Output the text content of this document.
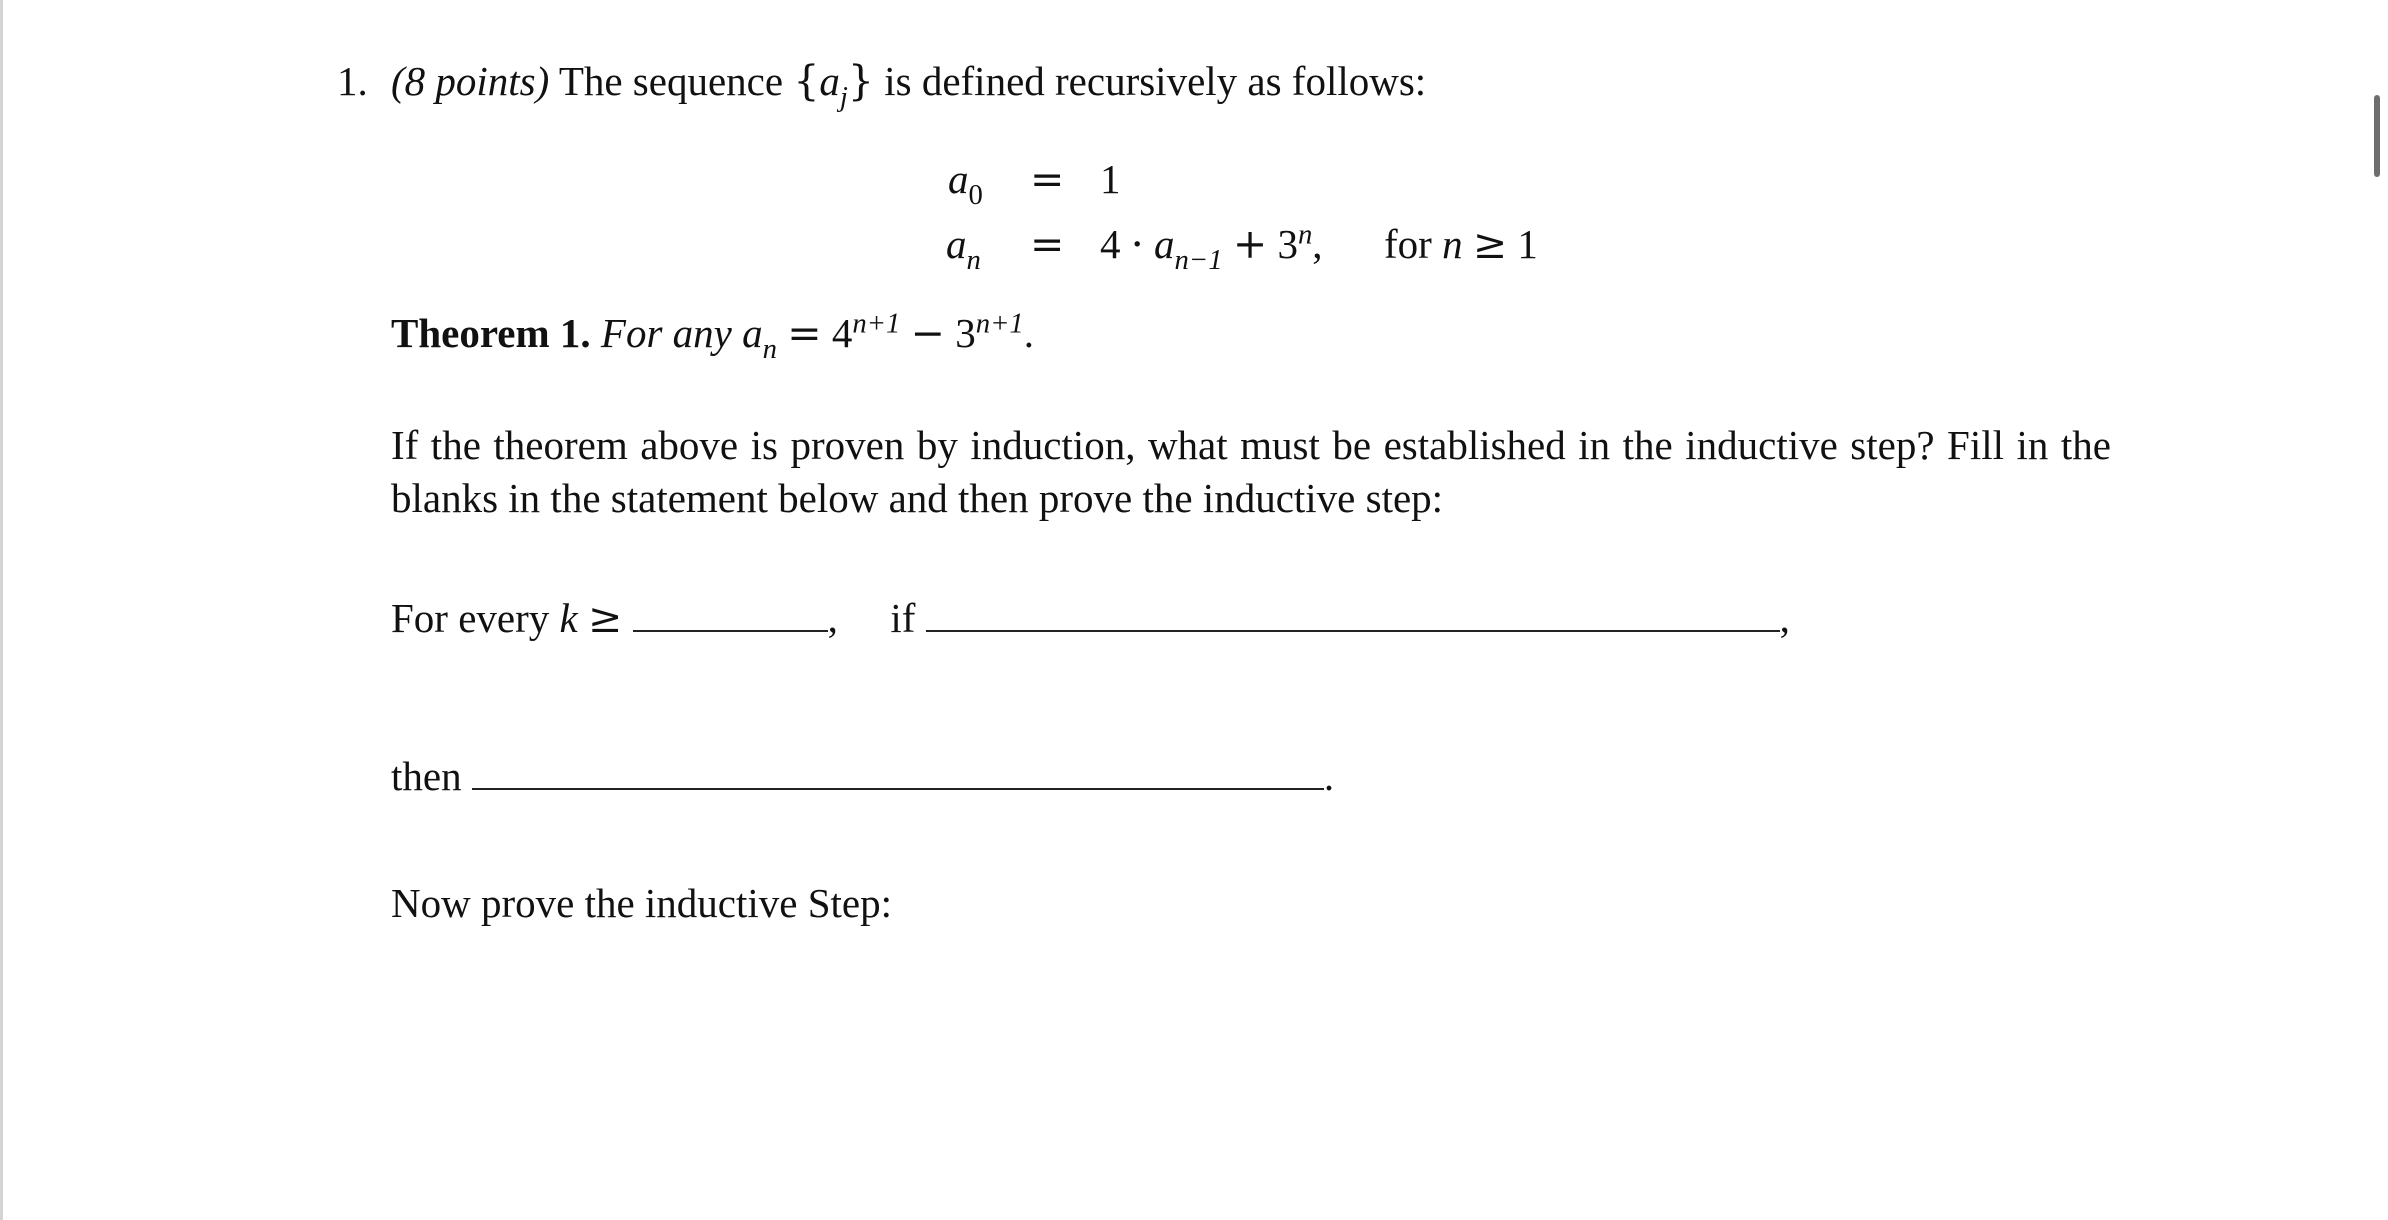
1. (8 points) The sequence $\{a_j\}$ is defined recursively as follows:
$a_0 = 1$
$a_n = 4 \cdot a_{n-1} + 3^n$, for n ≥ 1
Theorem 1. For any $a_n = 4^{n+1} - 3^{n+1}$.
If the theorem above is proven by induction, what must be established in the inductive step? Fill in the blanks in the statement below and then prove the inductive step:
For every k ≥	, if	,
then	.
Now prove the inductive Step:
